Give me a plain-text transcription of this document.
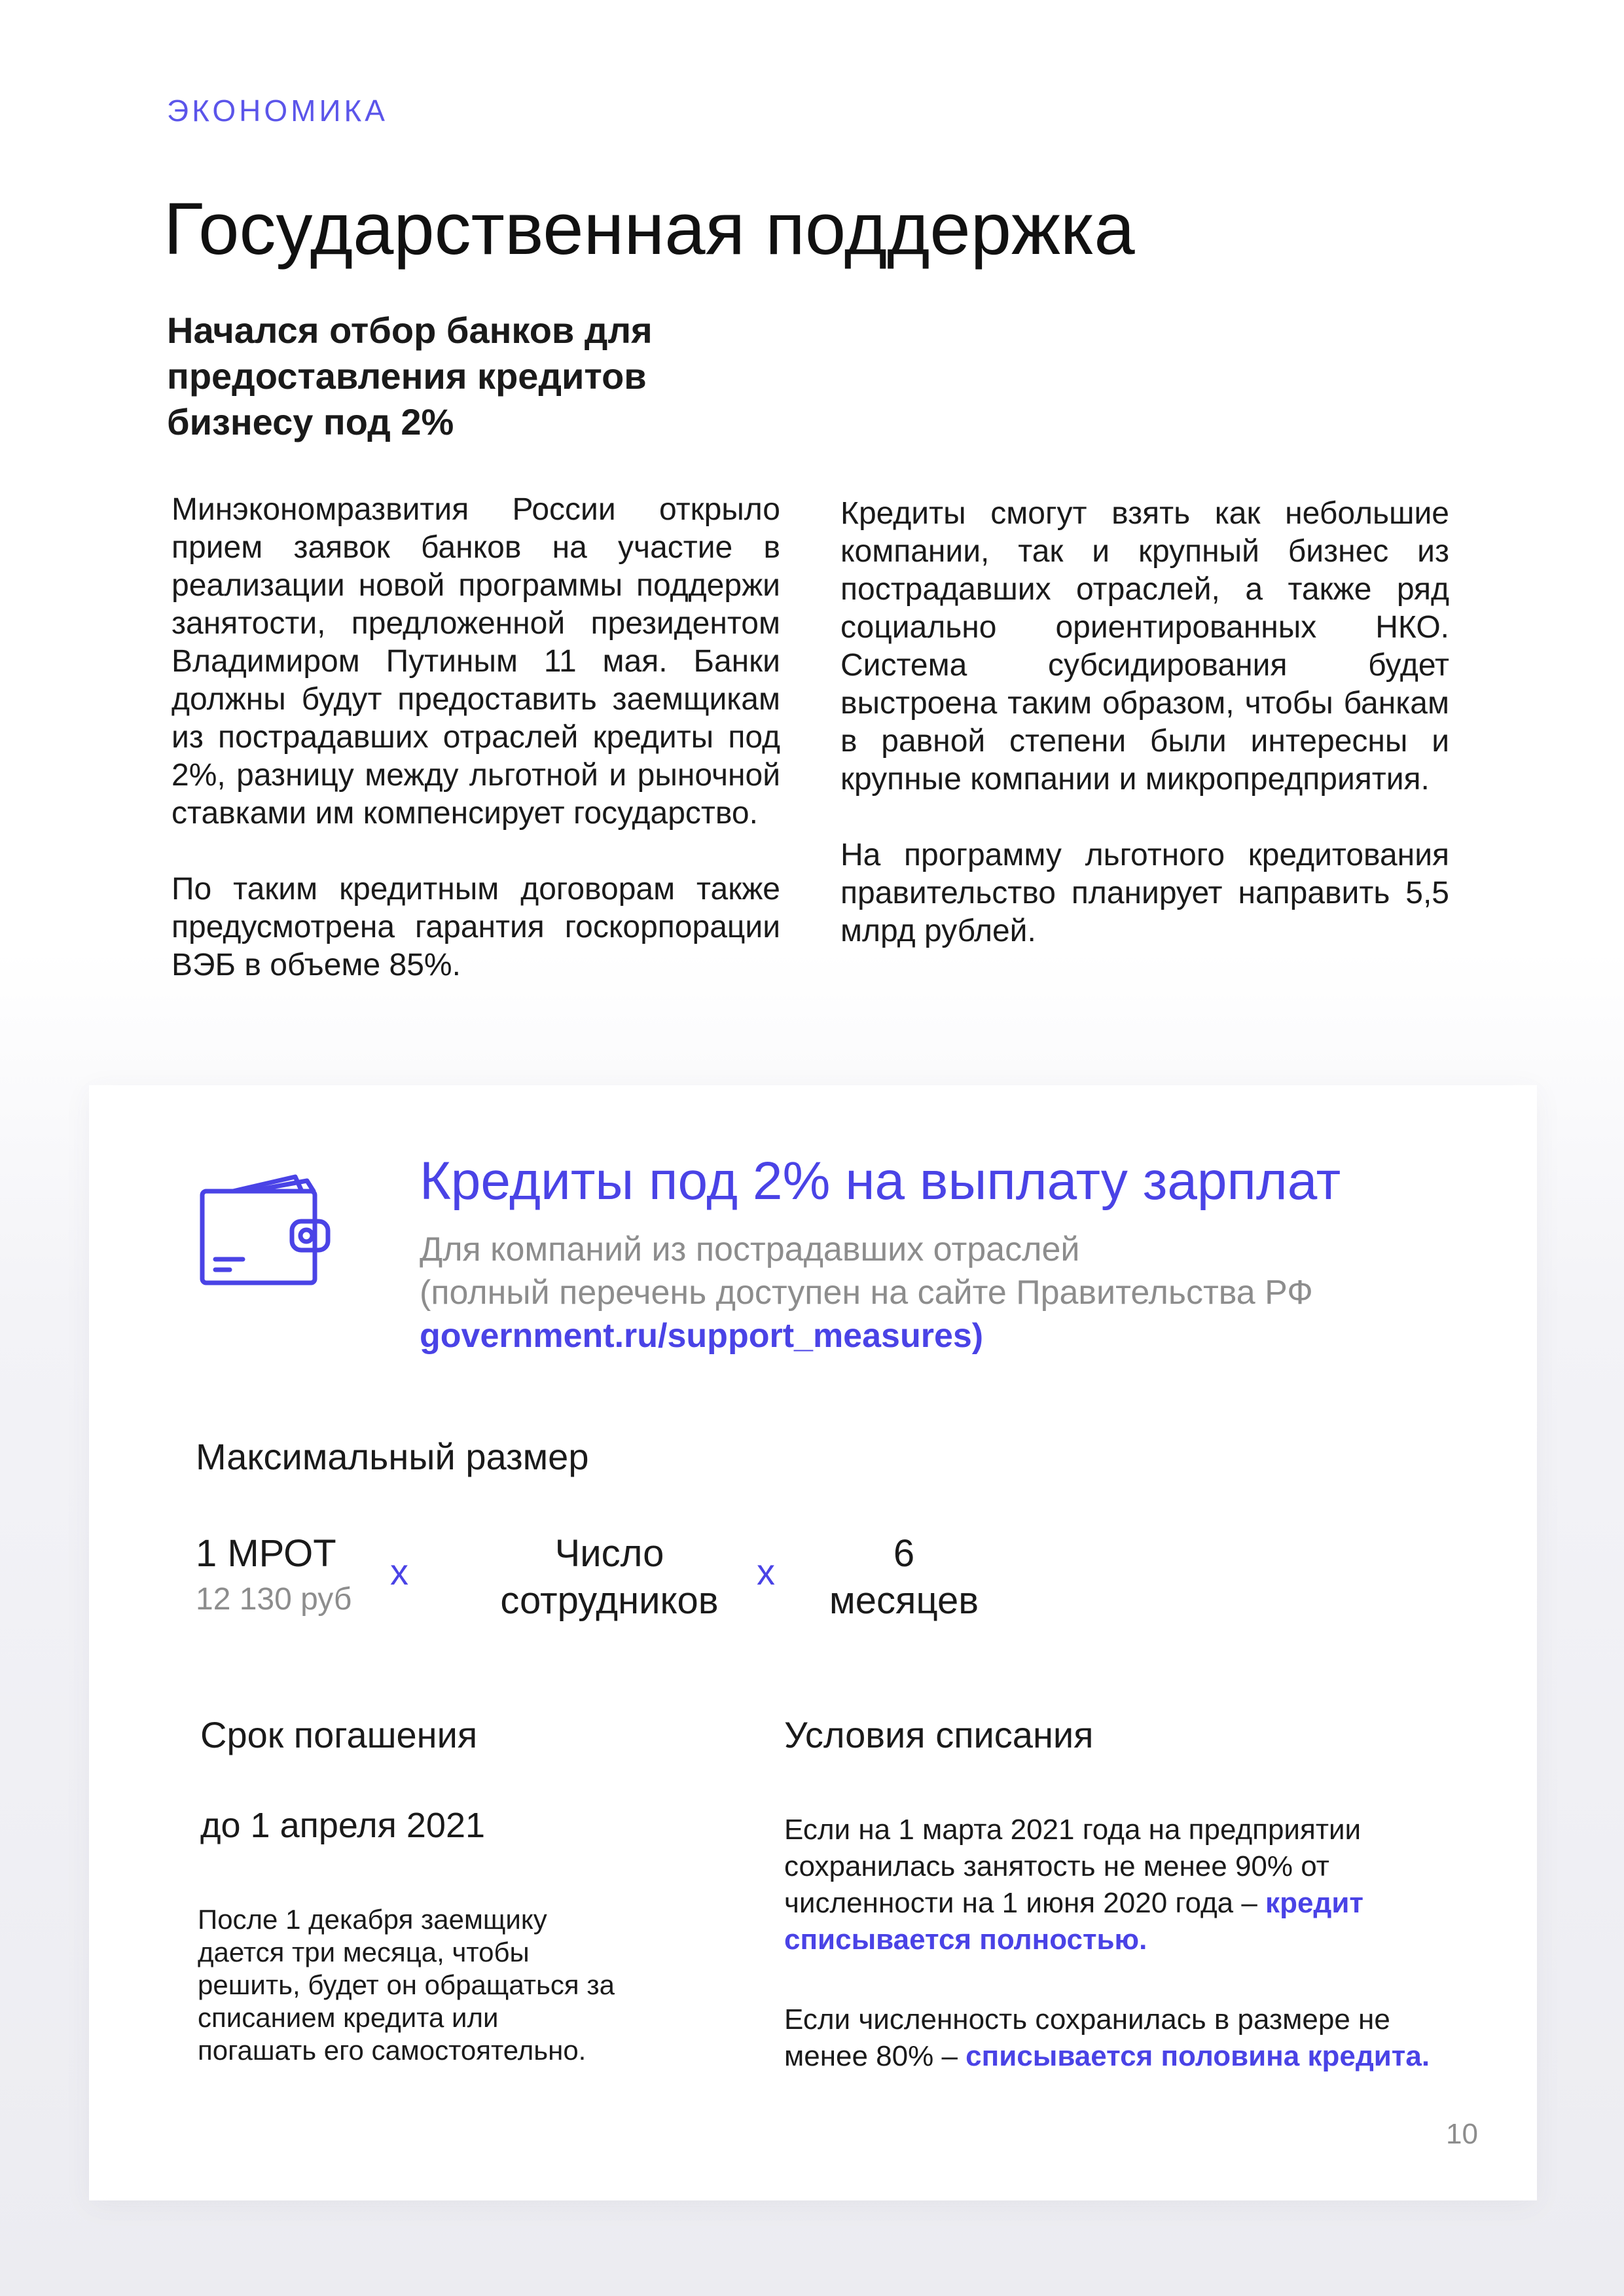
ЭКОНОМИКА
Государственная поддержка
Начался отбор банков для предоставления кредитов бизнесу под 2%

Минэкономразвития России открыло прием заявок банков на участие в реализации новой программы поддержи занятости, предложенной президентом Владимиром Путиным 11 мая. Банки должны будут предоставить заемщикам из пострадавших отраслей кредиты под 2%, разницу между льготной и рыночной ставками им компенсирует государство.

По таким кредитным договорам также предусмотрена гарантия госкорпорации ВЭБ в объеме 85%.

Кредиты смогут взять как небольшие компании, так и крупный бизнес из пострадавших отраслей, а также ряд социально ориентированных НКО. Система субсидирования будет выстроена таким образом, чтобы банкам в равной степени были интересны и крупные компании и микропредприятия.

На программу льготного кредитования правительство планирует направить 5,5 млрд рублей.

Кредиты под 2% на выплату зарплат
Для компаний из пострадавших отраслей
(полный перечень доступен на сайте Правительства РФ
government.ru/support_measures)
Максимальный размер
1 МРОТ
12 130 руб
x	Число
сотрудников
x	6
месяцев
Срок погашения
до 1 апреля 2021
После 1 декабря заемщику дается три месяца, чтобы решить, будет он обращаться за списанием кредита или погашать его самостоятельно.
Условия списания
Если на 1 марта 2021 года на предприятии сохранилась занятость не менее 90% от численности на 1 июня 2020 года – кредит списывается полностью.
Если численность сохранилась в размере не менее 80% – списывается половина кредита.
10
